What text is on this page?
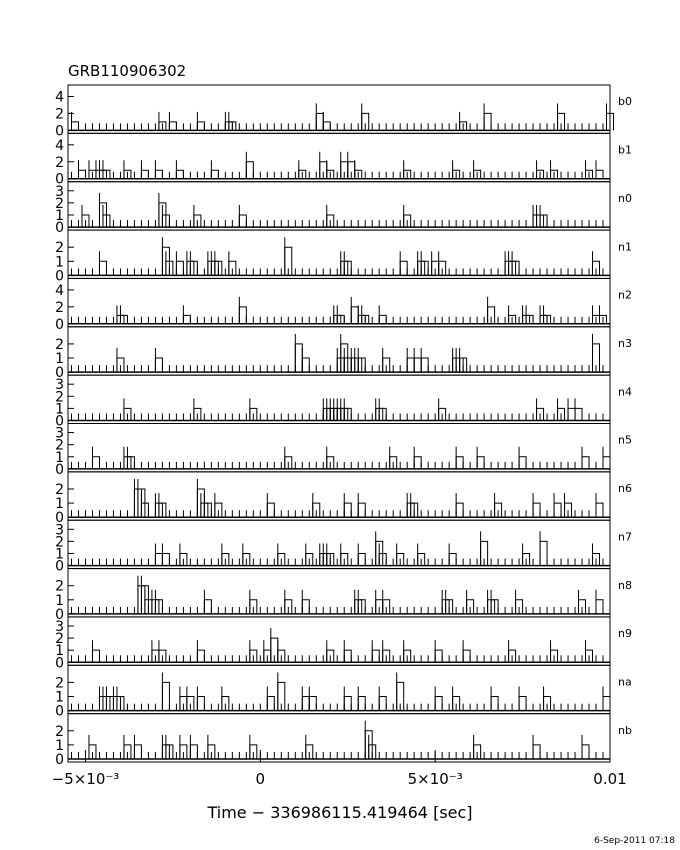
GRB110906302
0
2
4	b0
0
2
4	b1
0
1
2
3	n0
0
1
2	n1
0
2
4	n2
0
1
2	n3
0
1
2
3	n4
0
1
2
3	n5
0
1
2	n6
0
1
2
3	n7
0
1
2	n8
0
1
2
3	n9
0
1
2	na
0
1
2	nb
−5×10⁻³	0	5×10⁻³	0.01
Time − 336986115.419464 [sec]
6-Sep-2011 07:18
